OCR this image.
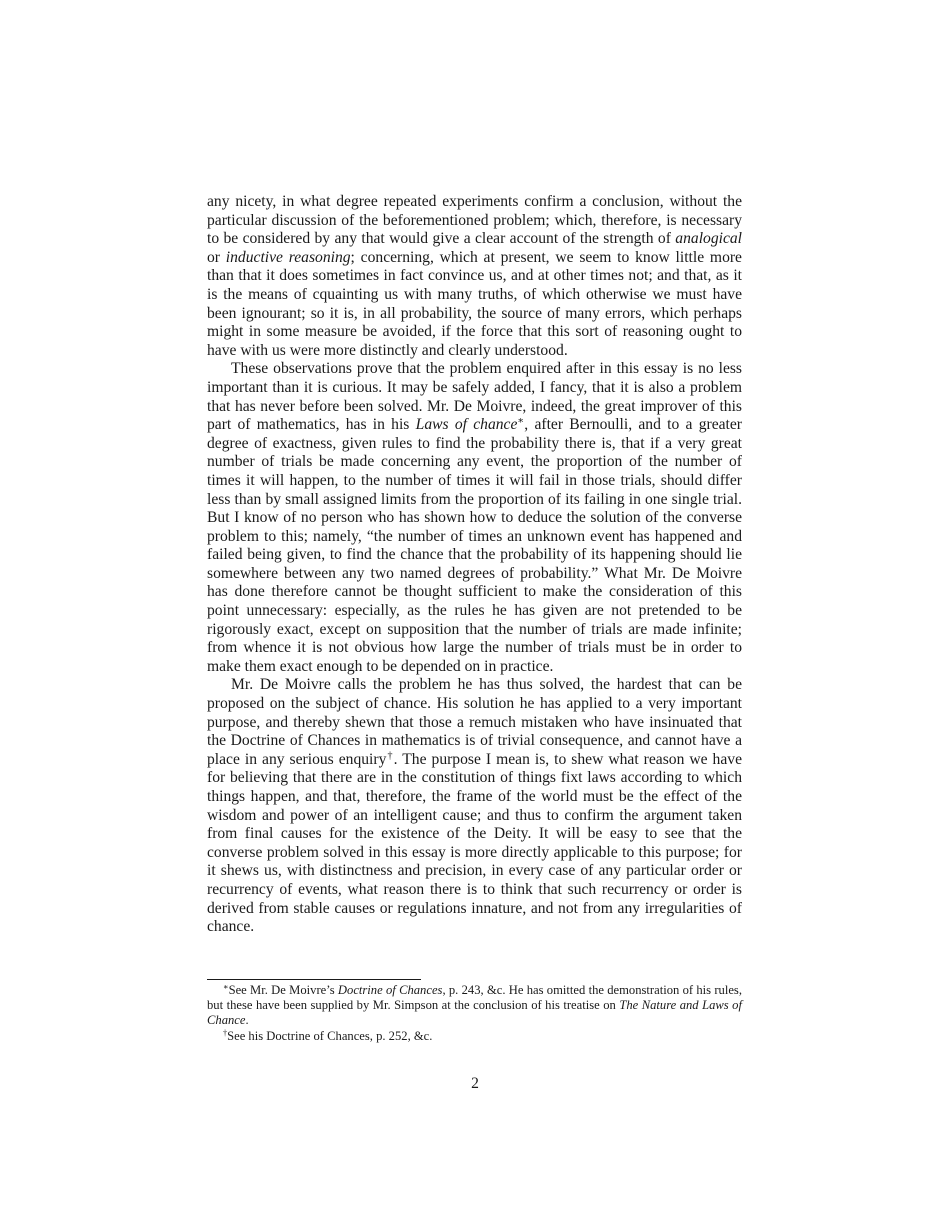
any nicety, in what degree repeated experiments confirm a conclusion, without the particular discussion of the beforementioned problem; which, therefore, is necessary to be considered by any that would give a clear account of the strength of analogical or inductive reasoning; concerning, which at present, we seem to know little more than that it does sometimes in fact convince us, and at other times not; and that, as it is the means of cquainting us with many truths, of which otherwise we must have been ignourant; so it is, in all probability, the source of many errors, which perhaps might in some measure be avoided, if the force that this sort of reasoning ought to have with us were more distinctly and clearly understood.

These observations prove that the problem enquired after in this essay is no less important than it is curious. It may be safely added, I fancy, that it is also a problem that has never before been solved. Mr. De Moivre, indeed, the great improver of this part of mathematics, has in his Laws of chance∗, after Bernoulli, and to a greater degree of exactness, given rules to find the probability there is, that if a very great number of trials be made concerning any event, the proportion of the number of times it will happen, to the number of times it will fail in those trials, should differ less than by small assigned limits from the proportion of its failing in one single trial. But I know of no person who has shown how to deduce the solution of the converse problem to this; namely, “the number of times an unknown event has happened and failed being given, to find the chance that the probability of its happening should lie somewhere between any two named degrees of probability.” What Mr. De Moivre has done therefore cannot be thought sufficient to make the consideration of this point unnecessary: especially, as the rules he has given are not pretended to be rigorously exact, except on supposition that the number of trials are made infinite; from whence it is not obvious how large the number of trials must be in order to make them exact enough to be depended on in practice.

Mr. De Moivre calls the problem he has thus solved, the hardest that can be proposed on the subject of chance. His solution he has applied to a very important purpose, and thereby shewn that those a remuch mistaken who have insinuated that the Doctrine of Chances in mathematics is of trivial consequence, and cannot have a place in any serious enquiry†. The purpose I mean is, to shew what reason we have for believing that there are in the constitution of things fixt laws according to which things happen, and that, therefore, the frame of the world must be the effect of the wisdom and power of an intelligent cause; and thus to confirm the argument taken from final causes for the existence of the Deity. It will be easy to see that the converse problem solved in this essay is more directly applicable to this purpose; for it shews us, with distinctness and precision, in every case of any particular order or recurrency of events, what reason there is to think that such recurrency or order is derived from stable causes or regulations innature, and not from any irregularities of chance.

∗See Mr. De Moivre’s Doctrine of Chances, p. 243, &c. He has omitted the demonstration of his rules, but these have been supplied by Mr. Simpson at the conclusion of his treatise on The Nature and Laws of Chance.

†See his Doctrine of Chances, p. 252, &c.

2
